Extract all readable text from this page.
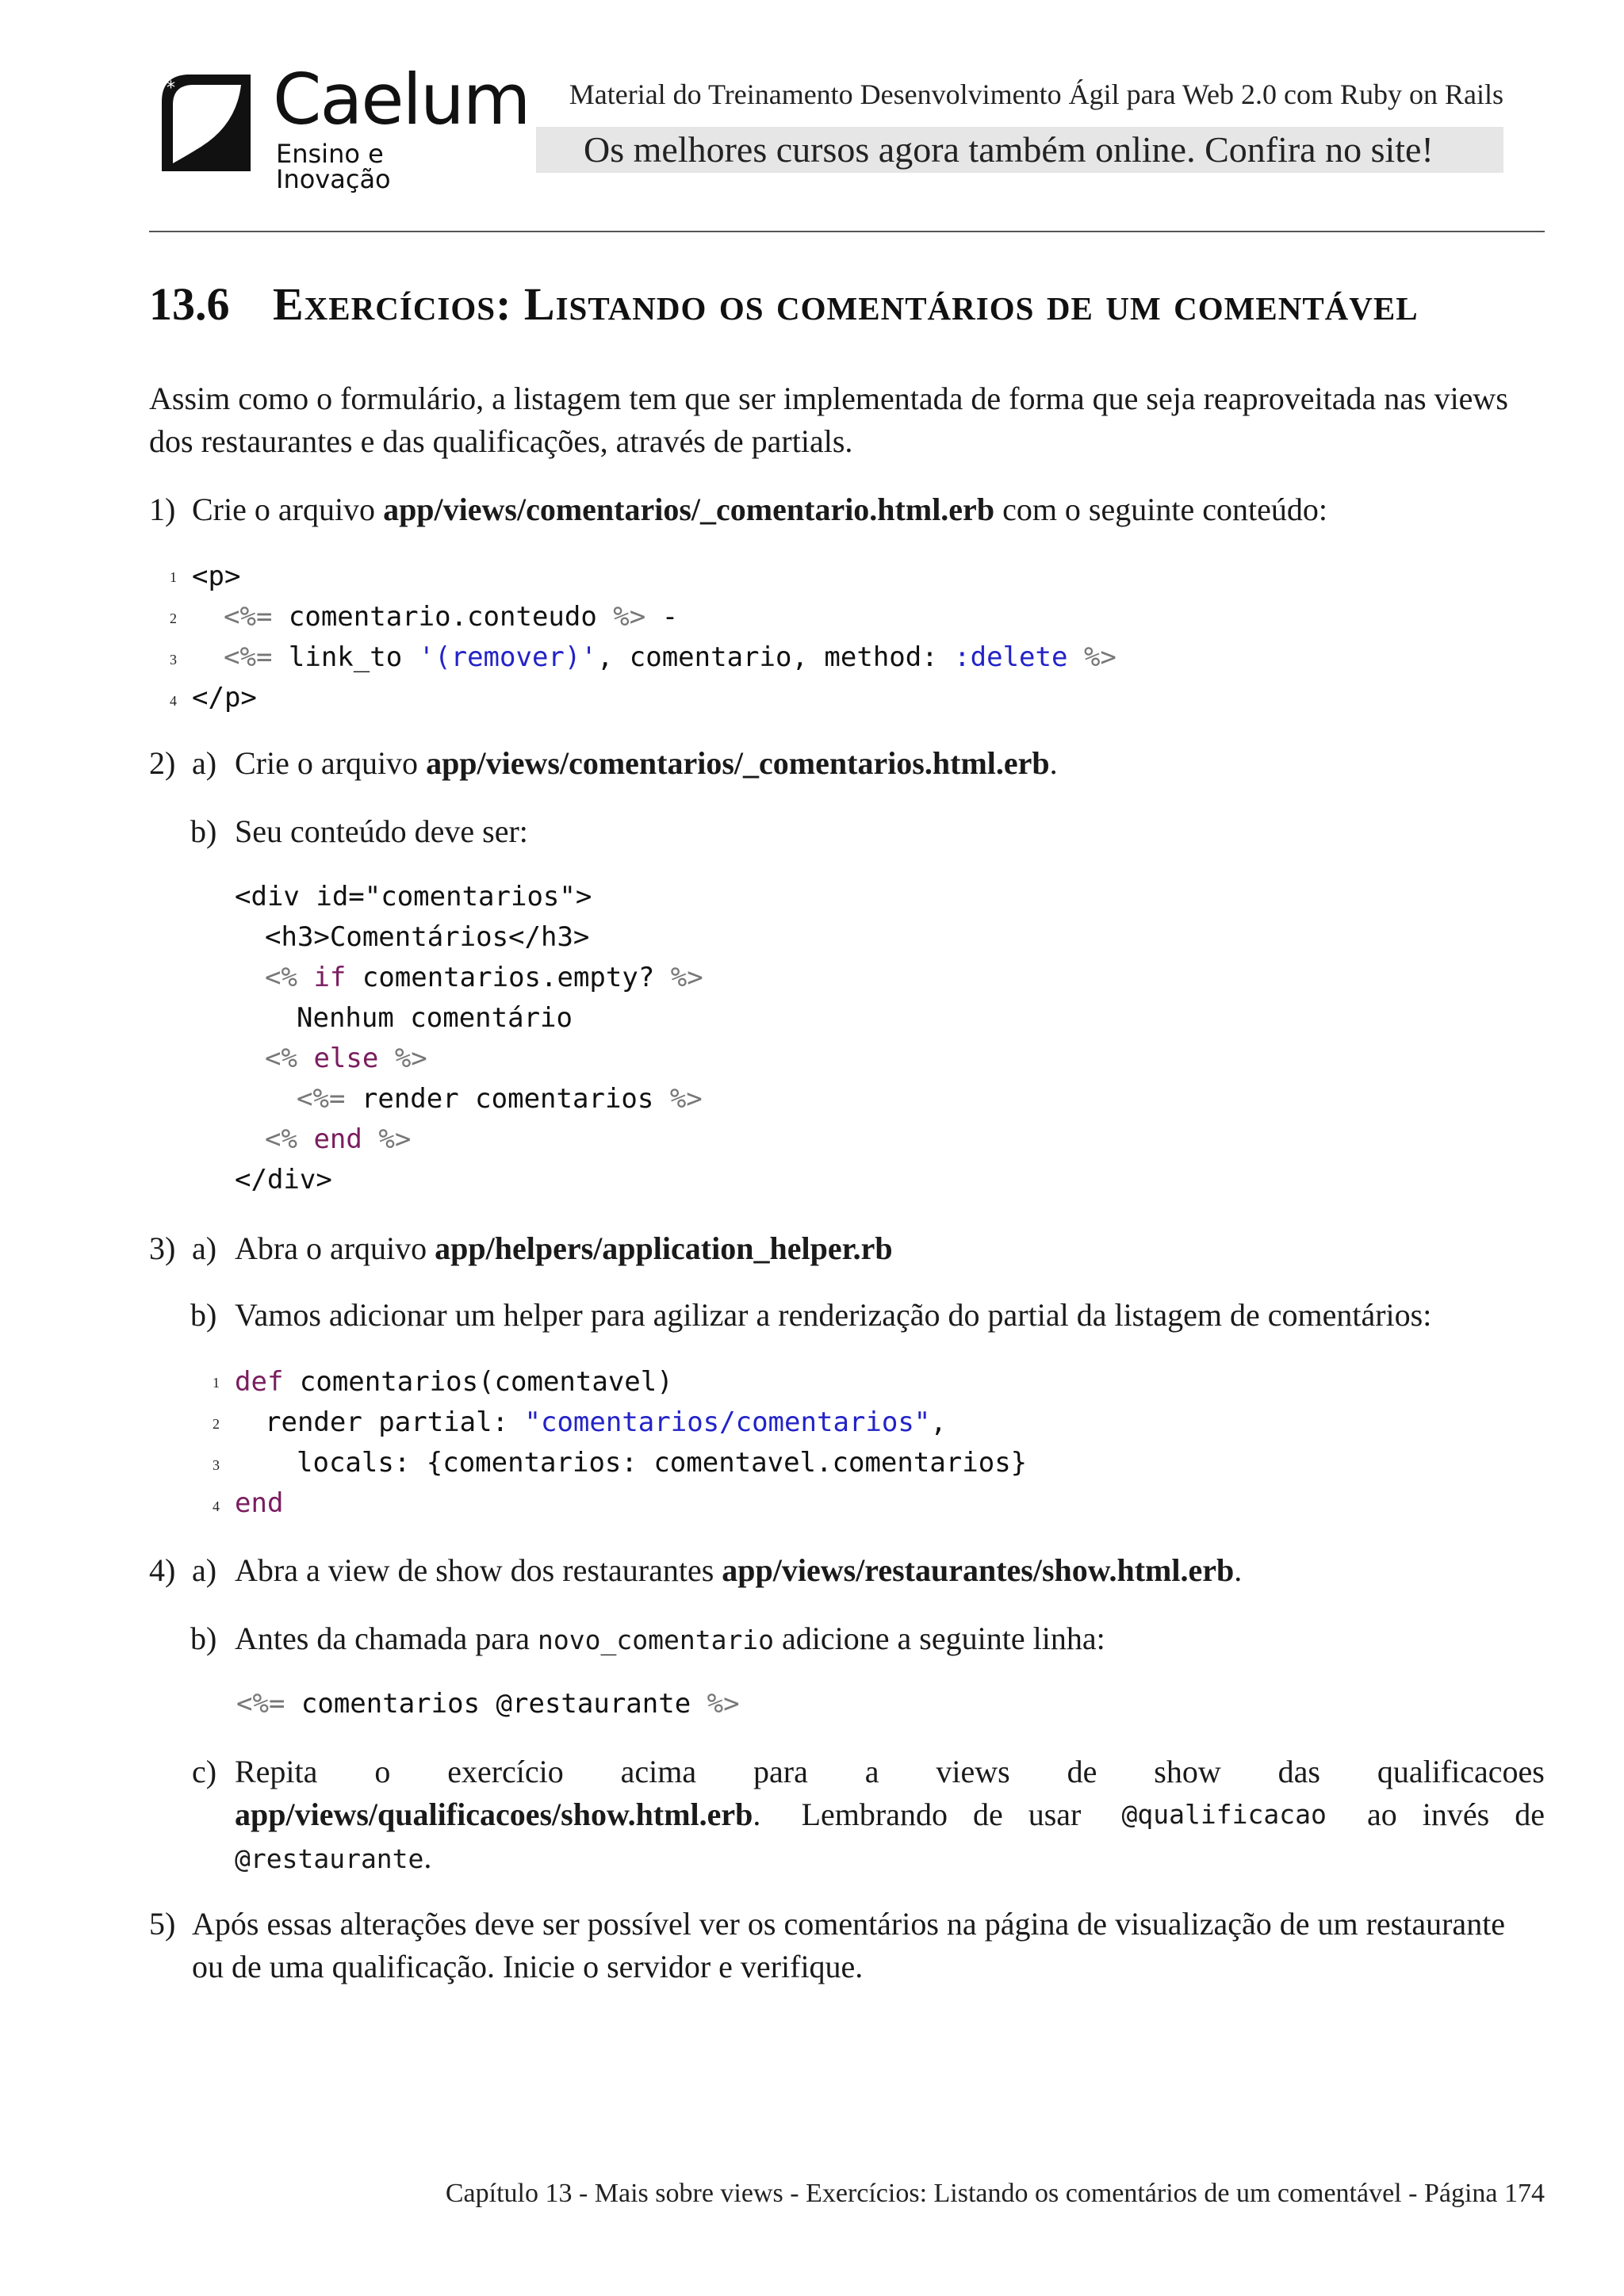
* Caelum
Ensino e Inovação
Material do Treinamento Desenvolvimento Ágil para Web 2.0 com Ruby on Rails
Os melhores cursos agora também online. Confira no site!
13.6 Exercícios: Listando os comentários de um comentável
Assim como o formulário, a listagem tem que ser implementada de forma que seja reaproveitada nas views
dos restaurantes e das qualificações, através de partials.
1) Crie o arquivo app/views/comentarios/_comentario.html.erb com o seguinte conteúdo:
1
2
3
4
<p>
<%= comentario.conteudo %> -
<%= link_to '(remover)', comentario, method: :delete %>
</p>
2) a) Crie o arquivo app/views/comentarios/_comentarios.html.erb.
b) Seu conteúdo deve ser:
<div id="comentarios">
<h3>Comentários</h3>
<% if comentarios.empty? %>
Nenhum comentário
<% else %>
<%= render comentarios %>
<% end %>
</div>
3) a) Abra o arquivo app/helpers/application_helper.rb
b) Vamos adicionar um helper para agilizar a renderização do partial da listagem de comentários:
1
2
3
4
def comentarios(comentavel)
render partial: "comentarios/comentarios",
locals: {comentarios: comentavel.comentarios}
end
4) a) Abra a view de show dos restaurantes app/views/restaurantes/show.html.erb.
b) Antes da chamada para novo_comentario adicione a seguinte linha:
<%= comentarios @restaurante %>
c) Repita o exercício acima para a views de show das qualificacoes
app/views/qualificacoes/show.html.erb. Lembrando de usar @qualificacao ao invés de
@restaurante.
5) Após essas alterações deve ser possível ver os comentários na página de visualização de um restaurante
ou de uma qualificação. Inicie o servidor e verifique.
Capítulo 13 - Mais sobre views - Exercícios: Listando os comentários de um comentável - Página 174
